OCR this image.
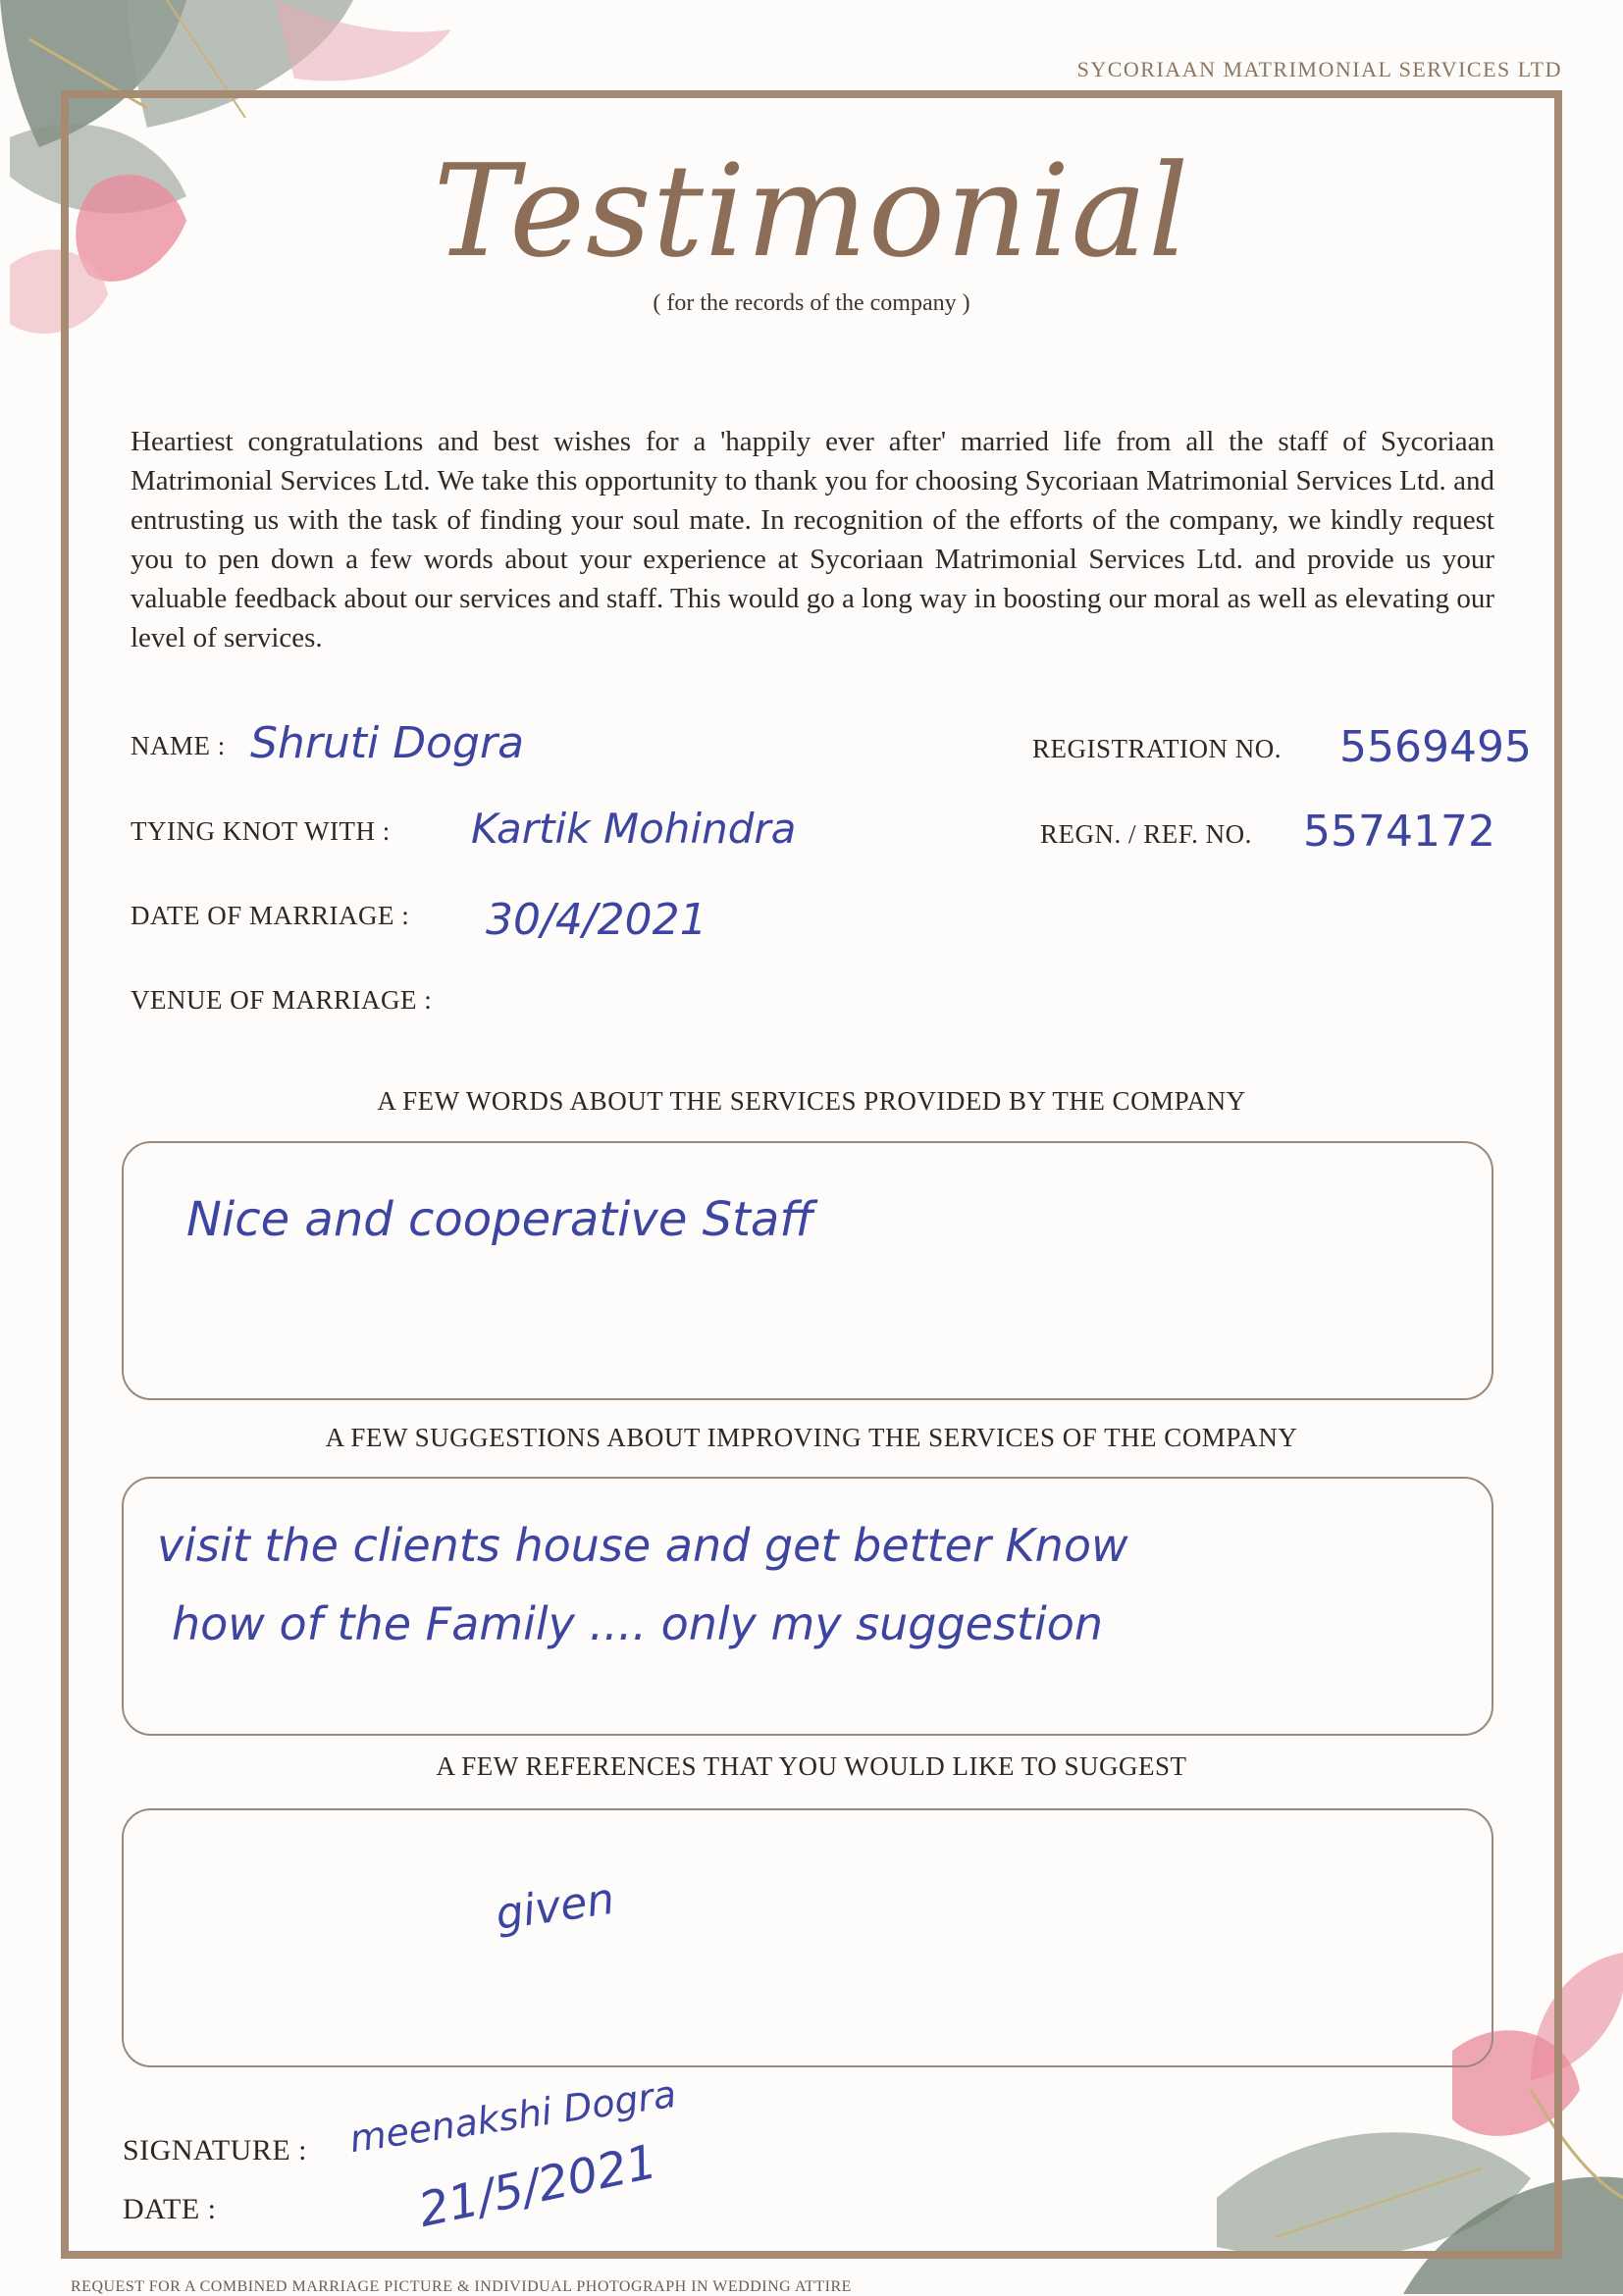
SYCORIAAN MATRIMONIAL SERVICES LTD
Testimonial
( for the records of the company )
Heartiest congratulations and best wishes for a 'happily ever after' married life from all the staff of Sycoriaan Matrimonial Services Ltd. We take this opportunity to thank you for choosing Sycoriaan Matrimonial Services Ltd. and entrusting us with the task of finding your soul mate. In recognition of the efforts of the company, we kindly request you to pen down a few words about your experience at Sycoriaan Matrimonial Services Ltd. and provide us your valuable feedback about our services and staff. This would go a long way in boosting our moral as well as elevating our level of services.
NAME : Shruti Dogra	REGISTRATION NO. 5569495
TYING KNOT WITH : Kartik Mohindra	REGN. / REF. NO. 5574172
DATE OF MARRIAGE : 30/4/2021
VENUE OF MARRIAGE :
A FEW WORDS ABOUT THE SERVICES PROVIDED BY THE COMPANY
Nice and cooperative Staff
A FEW SUGGESTIONS ABOUT IMPROVING THE SERVICES OF THE COMPANY
visit the clients house and get better Know
how of the Family .... only my suggestion
A FEW REFERENCES THAT YOU WOULD LIKE TO SUGGEST
given
SIGNATURE : meenakshi Dogra
DATE :	21/5/2021
REQUEST FOR A COMBINED MARRIAGE PICTURE & INDIVIDUAL PHOTOGRAPH IN WEDDING ATTIRE
